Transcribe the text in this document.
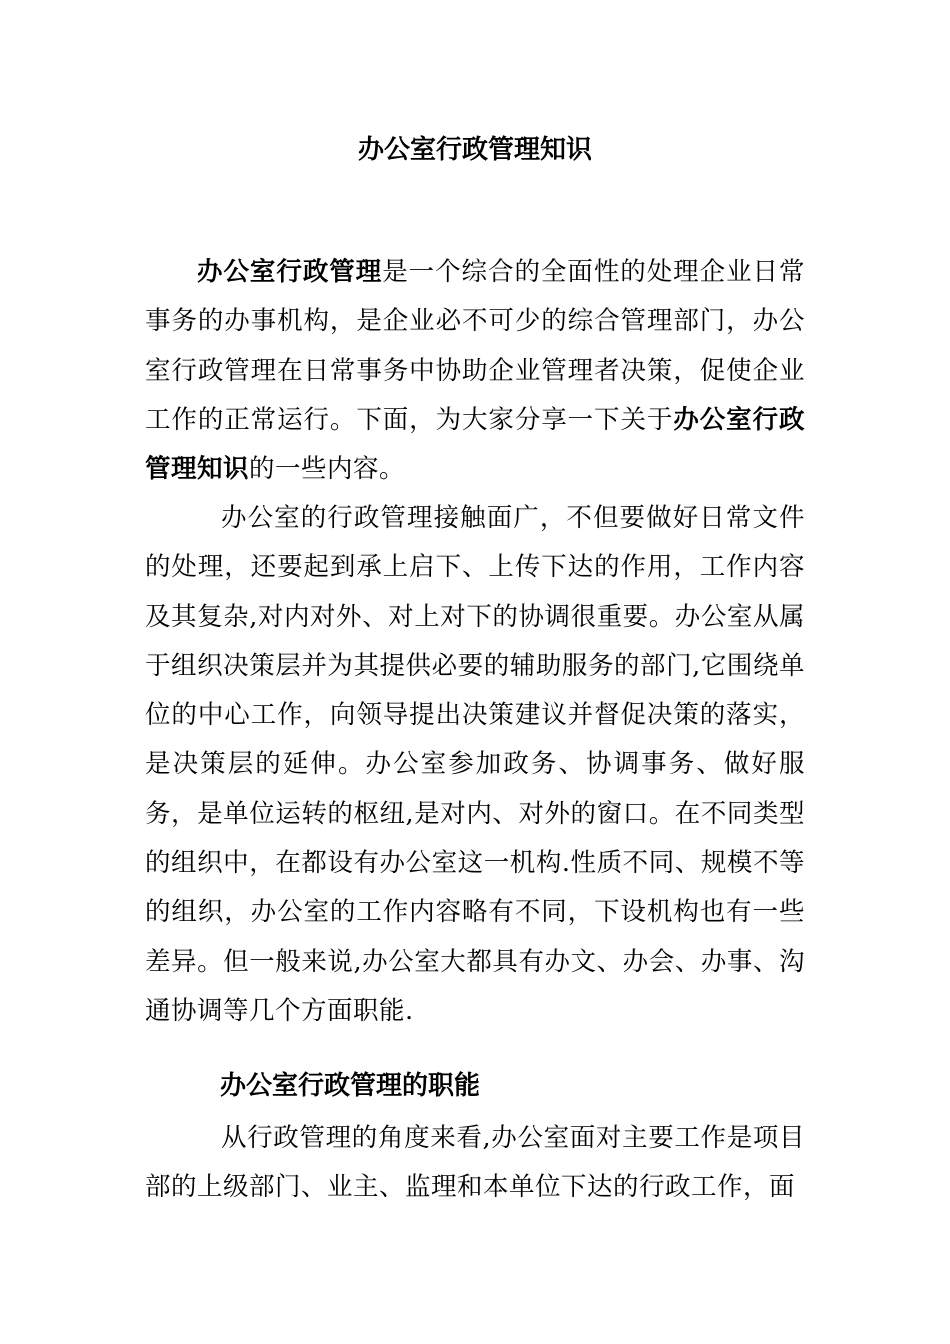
办公室行政管理知识

办公室行政管理是一个综合的全面性的处理企业日常事务的办事机构，是企业必不可少的综合管理部门，办公室行政管理在日常事务中协助企业管理者决策，促使企业工作的正常运行。下面，为大家分享一下关于办公室行政管理知识的一些内容。

办公室的行政管理接触面广，不但要做好日常文件的处理，还要起到承上启下、上传下达的作用，工作内容及其复杂,对内对外、对上对下的协调很重要。办公室从属于组织决策层并为其提供必要的辅助服务的部门,它围绕单位的中心工作，向领导提出决策建议并督促决策的落实，是决策层的延伸。办公室参加政务、协调事务、做好服务，是单位运转的枢纽,是对内、对外的窗口。在不同类型的组织中，在都设有办公室这一机构.性质不同、规模不等的组织，办公室的工作内容略有不同，下设机构也有一些差异。但一般来说,办公室大都具有办文、办会、办事、沟通协调等几个方面职能.

办公室行政管理的职能

从行政管理的角度来看,办公室面对主要工作是项目部的上级部门、业主、监理和本单位下达的行政工作，面
